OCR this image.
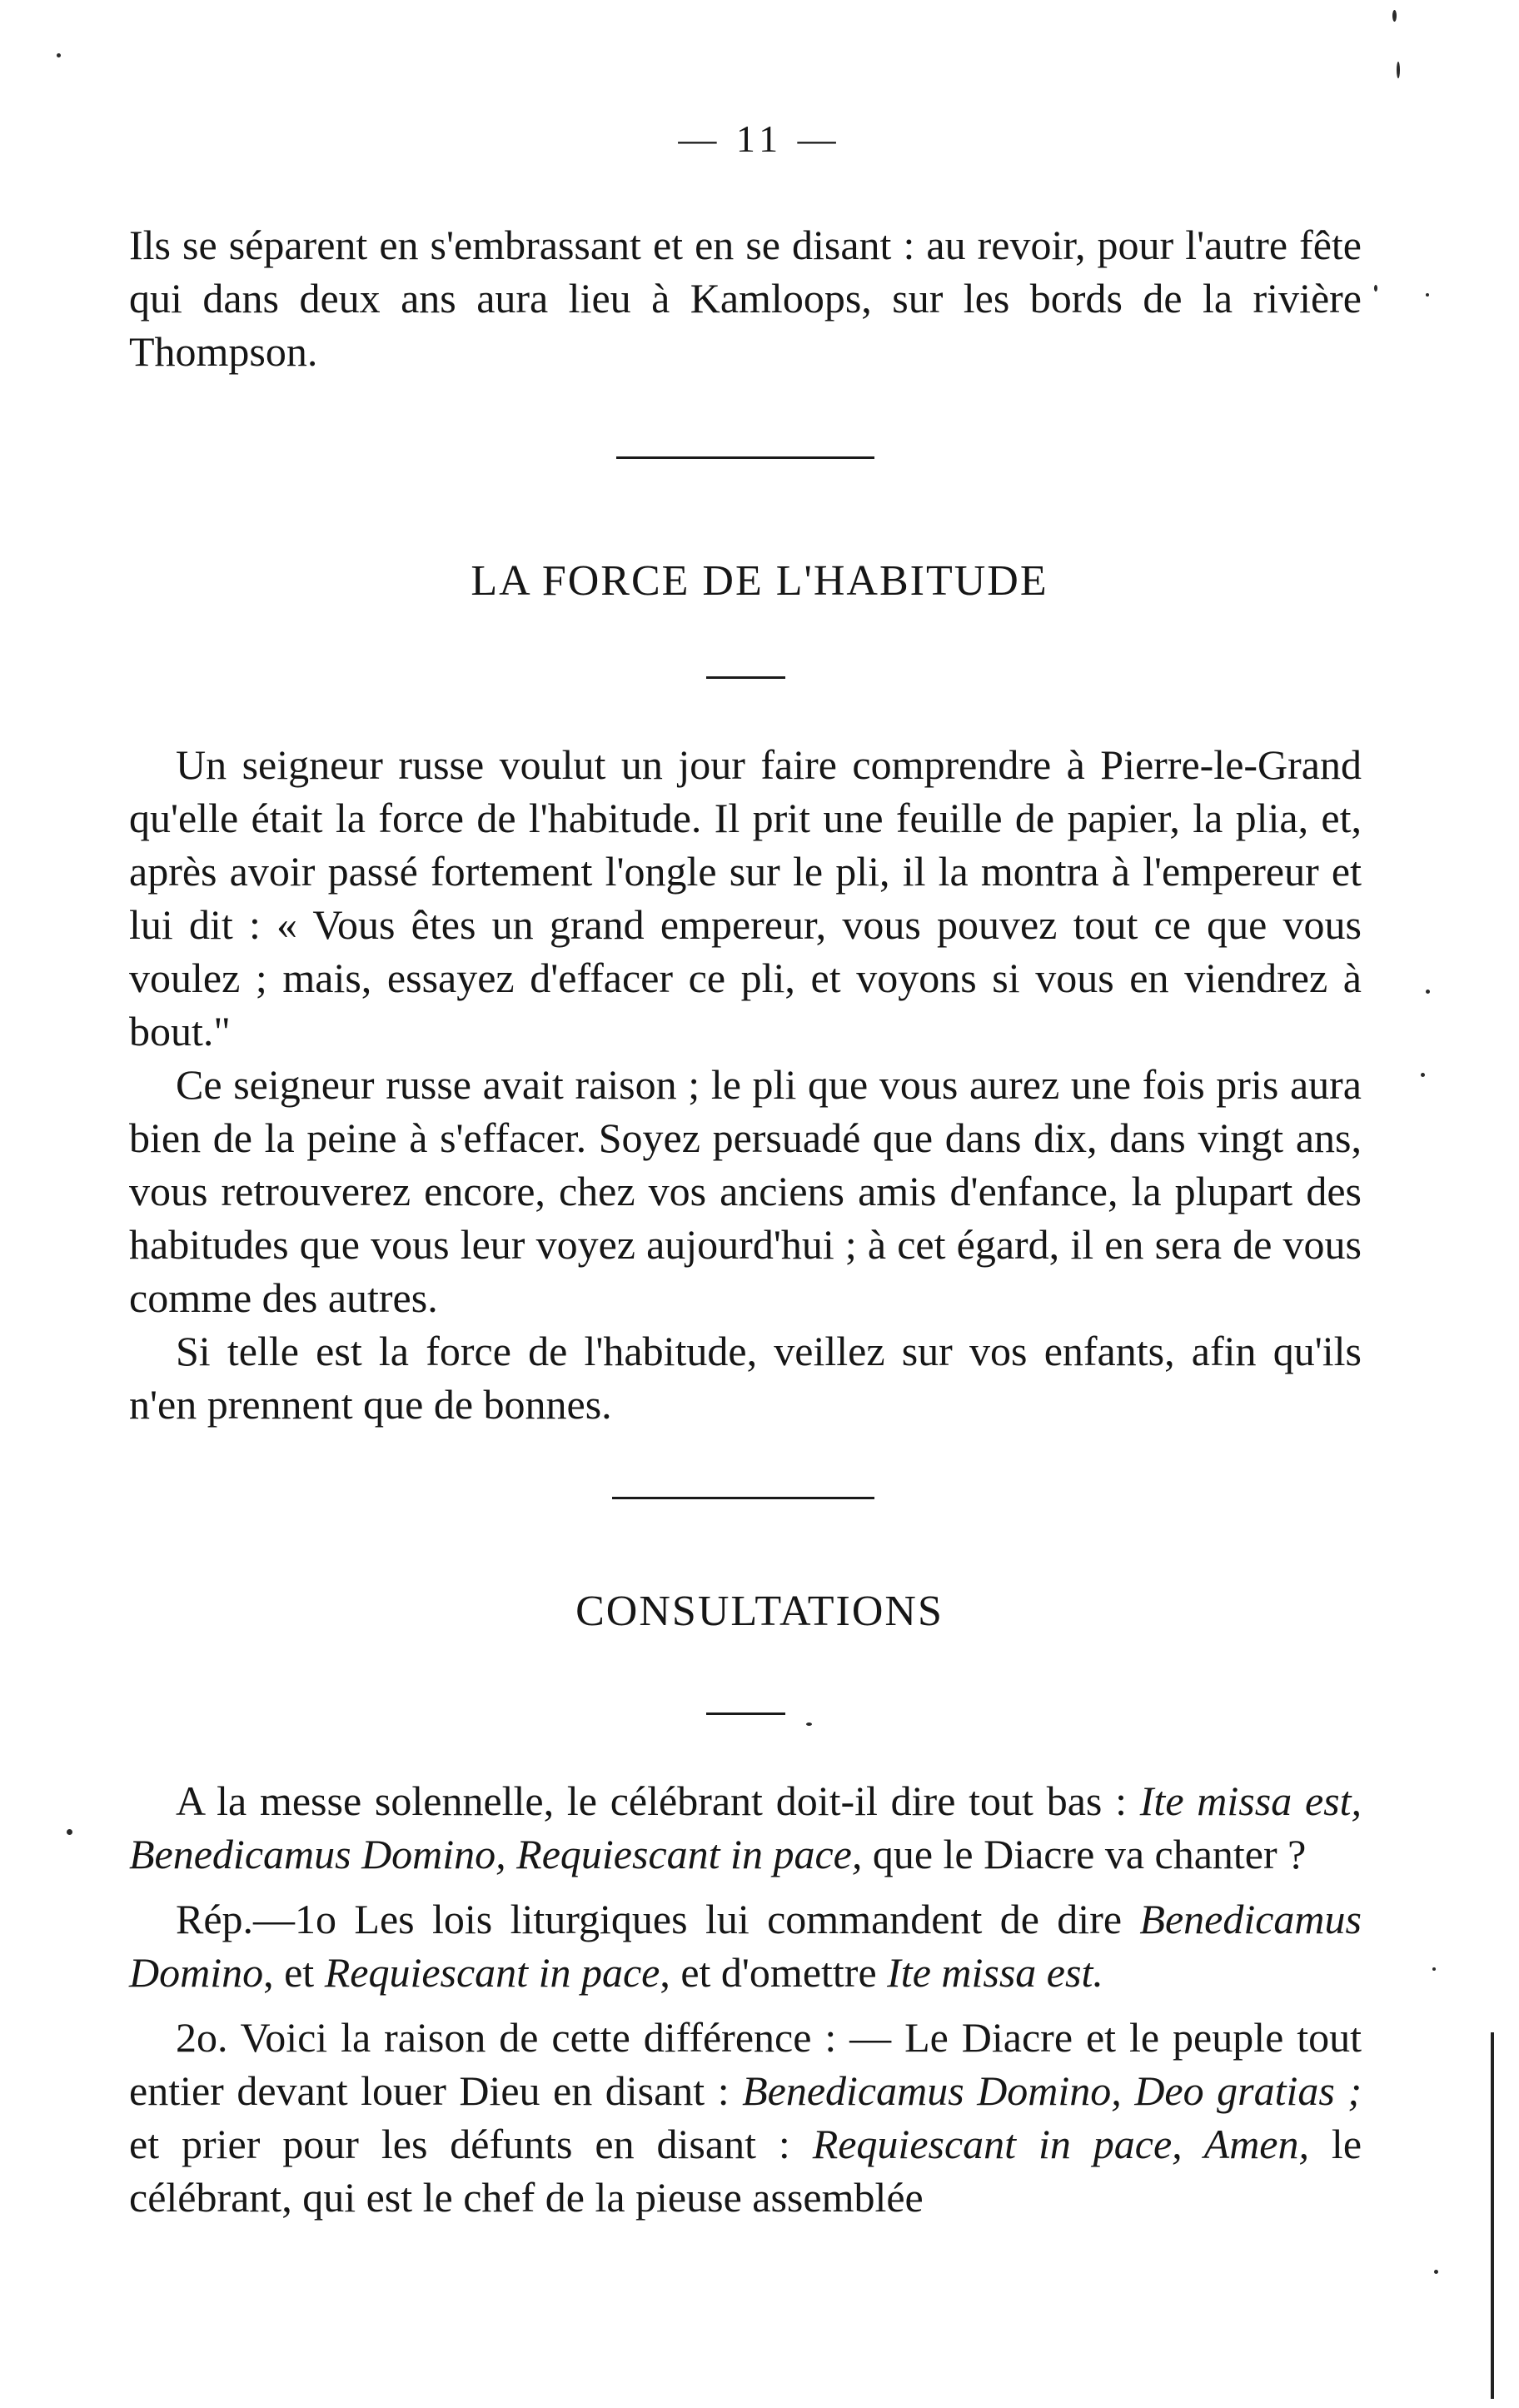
— 11 —

Ils se séparent en s'embrassant et en se disant : au revoir, pour l'autre fête qui dans deux ans aura lieu à Kamloops, sur les bords de la rivière Thompson.

LA FORCE DE L'HABITUDE

Un seigneur russe voulut un jour faire comprendre à Pierre-le-Grand qu'elle était la force de l'habitude. Il prit une feuille de papier, la plia, et, après avoir passé fortement l'ongle sur le pli, il la montra à l'empereur et lui dit : « Vous êtes un grand empereur, vous pouvez tout ce que vous voulez ; mais, essayez d'effacer ce pli, et voyons si vous en viendrez à bout."

Ce seigneur russe avait raison ; le pli que vous aurez une fois pris aura bien de la peine à s'effacer. Soyez persuadé que dans dix, dans vingt ans, vous retrouverez encore, chez vos anciens amis d'enfance, la plupart des habitudes que vous leur voyez aujourd'hui ; à cet égard, il en sera de vous comme des autres.

Si telle est la force de l'habitude, veillez sur vos enfants, afin qu'ils n'en prennent que de bonnes.

CONSULTATIONS

A la messe solennelle, le célébrant doit-il dire tout bas : Ite missa est, Benedicamus Domino, Requiescant in pace, que le Diacre va chanter ?

Rép.—1o Les lois liturgiques lui commandent de dire Benedicamus Domino, et Requiescant in pace, et d'omettre Ite missa est.

2o. Voici la raison de cette différence : — Le Diacre et le peuple tout entier devant louer Dieu en disant : Benedicamus Domino, Deo gratias ; et prier pour les défunts en disant : Requiescant in pace, Amen, le célébrant, qui est le chef de la pieuse assemblée
